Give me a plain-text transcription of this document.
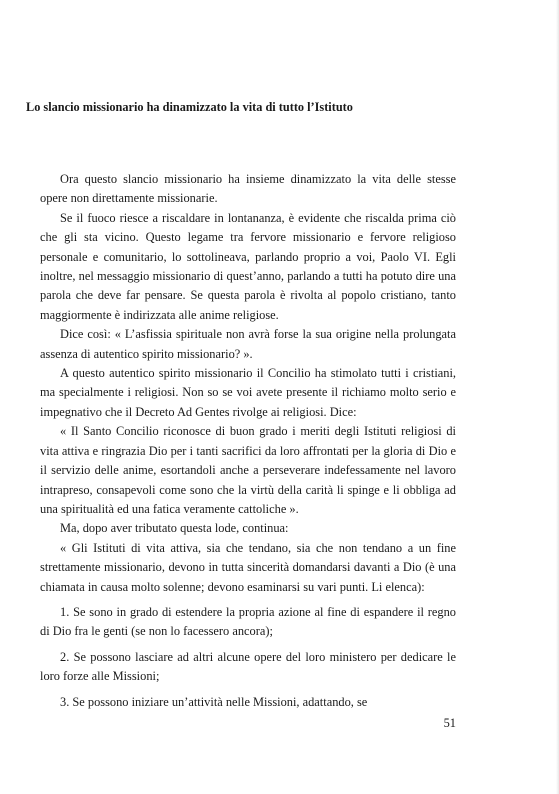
Lo slancio missionario ha dinamizzato la vita di tutto l’Istituto

Ora questo slancio missionario ha insieme dinamizzato la vita delle stesse opere non direttamente missionarie.

Se il fuoco riesce a riscaldare in lontananza, è evidente che riscalda prima ciò che gli sta vicino. Questo legame tra fervore missionario e fervore religioso personale e comunitario, lo sottolineava, parlando proprio a voi, Paolo VI. Egli inoltre, nel messaggio missionario di quest’anno, parlando a tutti ha potuto dire una parola che deve far pensare. Se questa parola è rivolta al popolo cristiano, tanto maggiormente è indirizzata alle anime religiose.

Dice così: « L’asfissia spirituale non avrà forse la sua origine nella prolungata assenza di autentico spirito missionario? ».

A questo autentico spirito missionario il Concilio ha stimolato tutti i cristiani, ma specialmente i religiosi. Non so se voi avete presente il richiamo molto serio e impegnativo che il Decreto Ad Gentes rivolge ai religiosi. Dice:

« Il Santo Concilio riconosce di buon grado i meriti degli Istituti religiosi di vita attiva e ringrazia Dio per i tanti sacrifici da loro affrontati per la gloria di Dio e il servizio delle anime, esortandoli anche a perseverare indefessamente nel lavoro intrapreso, consapevoli come sono che la virtù della carità li spinge e li obbliga ad una spiritualità ed una fatica veramente cattoliche ».

Ma, dopo aver tributato questa lode, continua:

« Gli Istituti di vita attiva, sia che tendano, sia che non tendano a un fine strettamente missionario, devono in tutta sincerità domandarsi davanti a Dio (è una chiamata in causa molto solenne; devono esaminarsi su vari punti. Li elenca):

1. Se sono in grado di estendere la propria azione al fine di espandere il regno di Dio fra le genti (se non lo facessero ancora);

2. Se possono lasciare ad altri alcune opere del loro ministero per dedicare le loro forze alle Missioni;

3. Se possono iniziare un’attività nelle Missioni, adattando, se

51
